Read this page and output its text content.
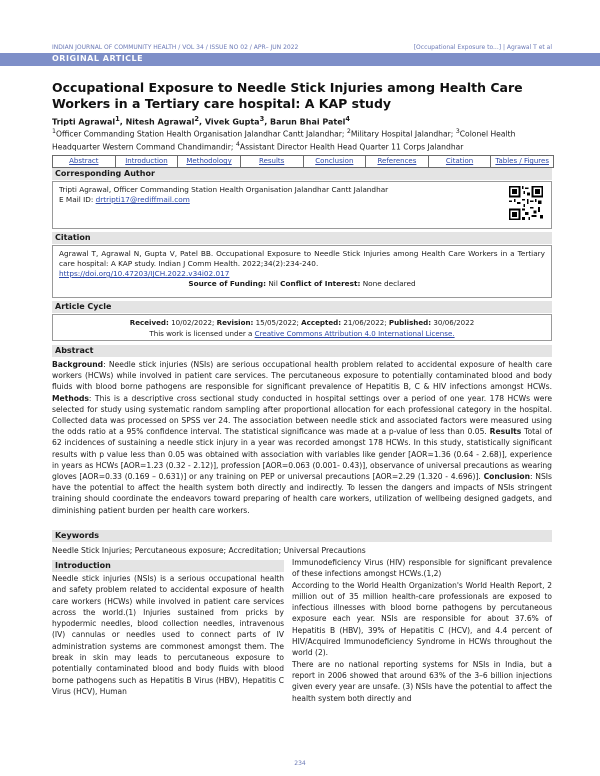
INDIAN JOURNAL OF COMMUNITY HEALTH / VOL 34 / ISSUE NO 02 / APR– JUN 2022	[Occupational Exposure to...] | Agrawal T et al
ORIGINAL ARTICLE
Occupational Exposure to Needle Stick Injuries among Health Care Workers in a Tertiary care hospital: A KAP study
Tripti Agrawal$^1$, Nitesh Agrawal$^2$, Vivek Gupta$^3$, Barun Bhai Patel$^4$
$^1$Officer Commanding Station Health Organisation Jalandhar Cantt Jalandhar; $^2$Military Hospital Jalandhar; $^3$Colonel Health Headquarter Western Command Chandimandir; $^4$Assistant Director Health Head Quarter 11 Corps Jalandhar
Abstract	Introduction	Methodology	Results	Conclusion	References	Citation	Tables / Figures
Corresponding Author
Tripti Agrawal, Officer Commanding Station Health Organisation Jalandhar Cantt Jalandhar
E Mail ID: drtripti17@rediffmail.com
Citation
Agrawal T, Agrawal N, Gupta V, Patel BB. Occupational Exposure to Needle Stick Injuries among Health Care Workers in a Tertiary care hospital: A KAP study. Indian J Comm Health. 2022;34(2):234-240.
https://doi.org/10.47203/IJCH.2022.v34i02.017
Source of Funding: Nil Conflict of Interest: None declared
Article Cycle
Received: 10/02/2022; Revision: 15/05/2022; Accepted: 21/06/2022; Published: 30/06/2022
This work is licensed under a Creative Commons Attribution 4.0 International License.
Abstract
Background: Needle stick injuries (NSIs) are serious occupational health problem related to accidental exposure of health care workers (HCWs) while involved in patient care services. The percutaneous exposure to potentially contaminated blood and body fluids with blood borne pathogens are responsible for significant prevalence of Hepatitis B, C & HIV infections amongst HCWs. Methods: This is a descriptive cross sectional study conducted in hospital settings over a period of one year. 178 HCWs were selected for study using systematic random sampling after proportional allocation for each professional category in the hospital. Collected data was processed on SPSS ver 24. The association between needle stick and associated factors were measured using the odds ratio at a 95% confidence interval. The statistical significance was made at a p-value of less than 0.05. Results Total of 62 incidences of sustaining a needle stick injury in a year was recorded amongst 178 HCWs. In this study, statistically significant results with p value less than 0.05 was obtained with association with variables like gender [AOR=1.36 (0.64 - 2.68)], experience in years as HCWs [AOR=1.23 (0.32 - 2.12)], profession [AOR=0.063 (0.001- 0.43)], observance of universal precautions as wearing gloves [AOR=0.33 (0.169 – 0.631)] or any training on PEP or universal precautions [AOR=2.29 (1.320 - 4.696)]. Conclusion: NSIs have the potential to affect the health system both directly and indirectly. To lessen the dangers and impacts of NSIs stringent training should coordinate the endeavors toward preparing of health care workers, utilization of wellbeing designed gadgets, and diminishing patient burden per health care workers.
Keywords
Needle Stick Injuries; Percutaneous exposure; Accreditation; Universal Precautions
Introduction
Needle stick injuries (NSIs) is a serious occupational health and safety problem related to accidental exposure of health care workers (HCWs) while involved in patient care services across the world.(1) Injuries sustained from pricks by hypodermic needles, blood collection needles, intravenous (IV) cannulas or needles used to connect parts of IV administration systems are commonest amongst them. The break in skin may leads to percutaneous exposure to potentially contaminated blood and body fluids with blood borne pathogens such as Hepatitis B Virus (HBV), Hepatitis C Virus (HCV), Human
Immunodeficiency Virus (HIV) responsible for significant prevalence of these infections amongst HCWs.(1,2)
According to the World Health Organization's World Health Report, 2 million out of 35 million health-care professionals are exposed to infectious illnesses with blood borne pathogens by percutaneous exposure each year. NSIs are responsible for about 37.6% of Hepatitis B (HBV), 39% of Hepatitis C (HCV), and 4.4 percent of HIV/Acquired Immunodeficiency Syndrome in HCWs throughout the world (2).
There are no national reporting systems for NSIs in India, but a report in 2006 showed that around 63% of the 3–6 billion injections given every year are unsafe. (3) NSIs have the potential to affect the health system both directly and
234
